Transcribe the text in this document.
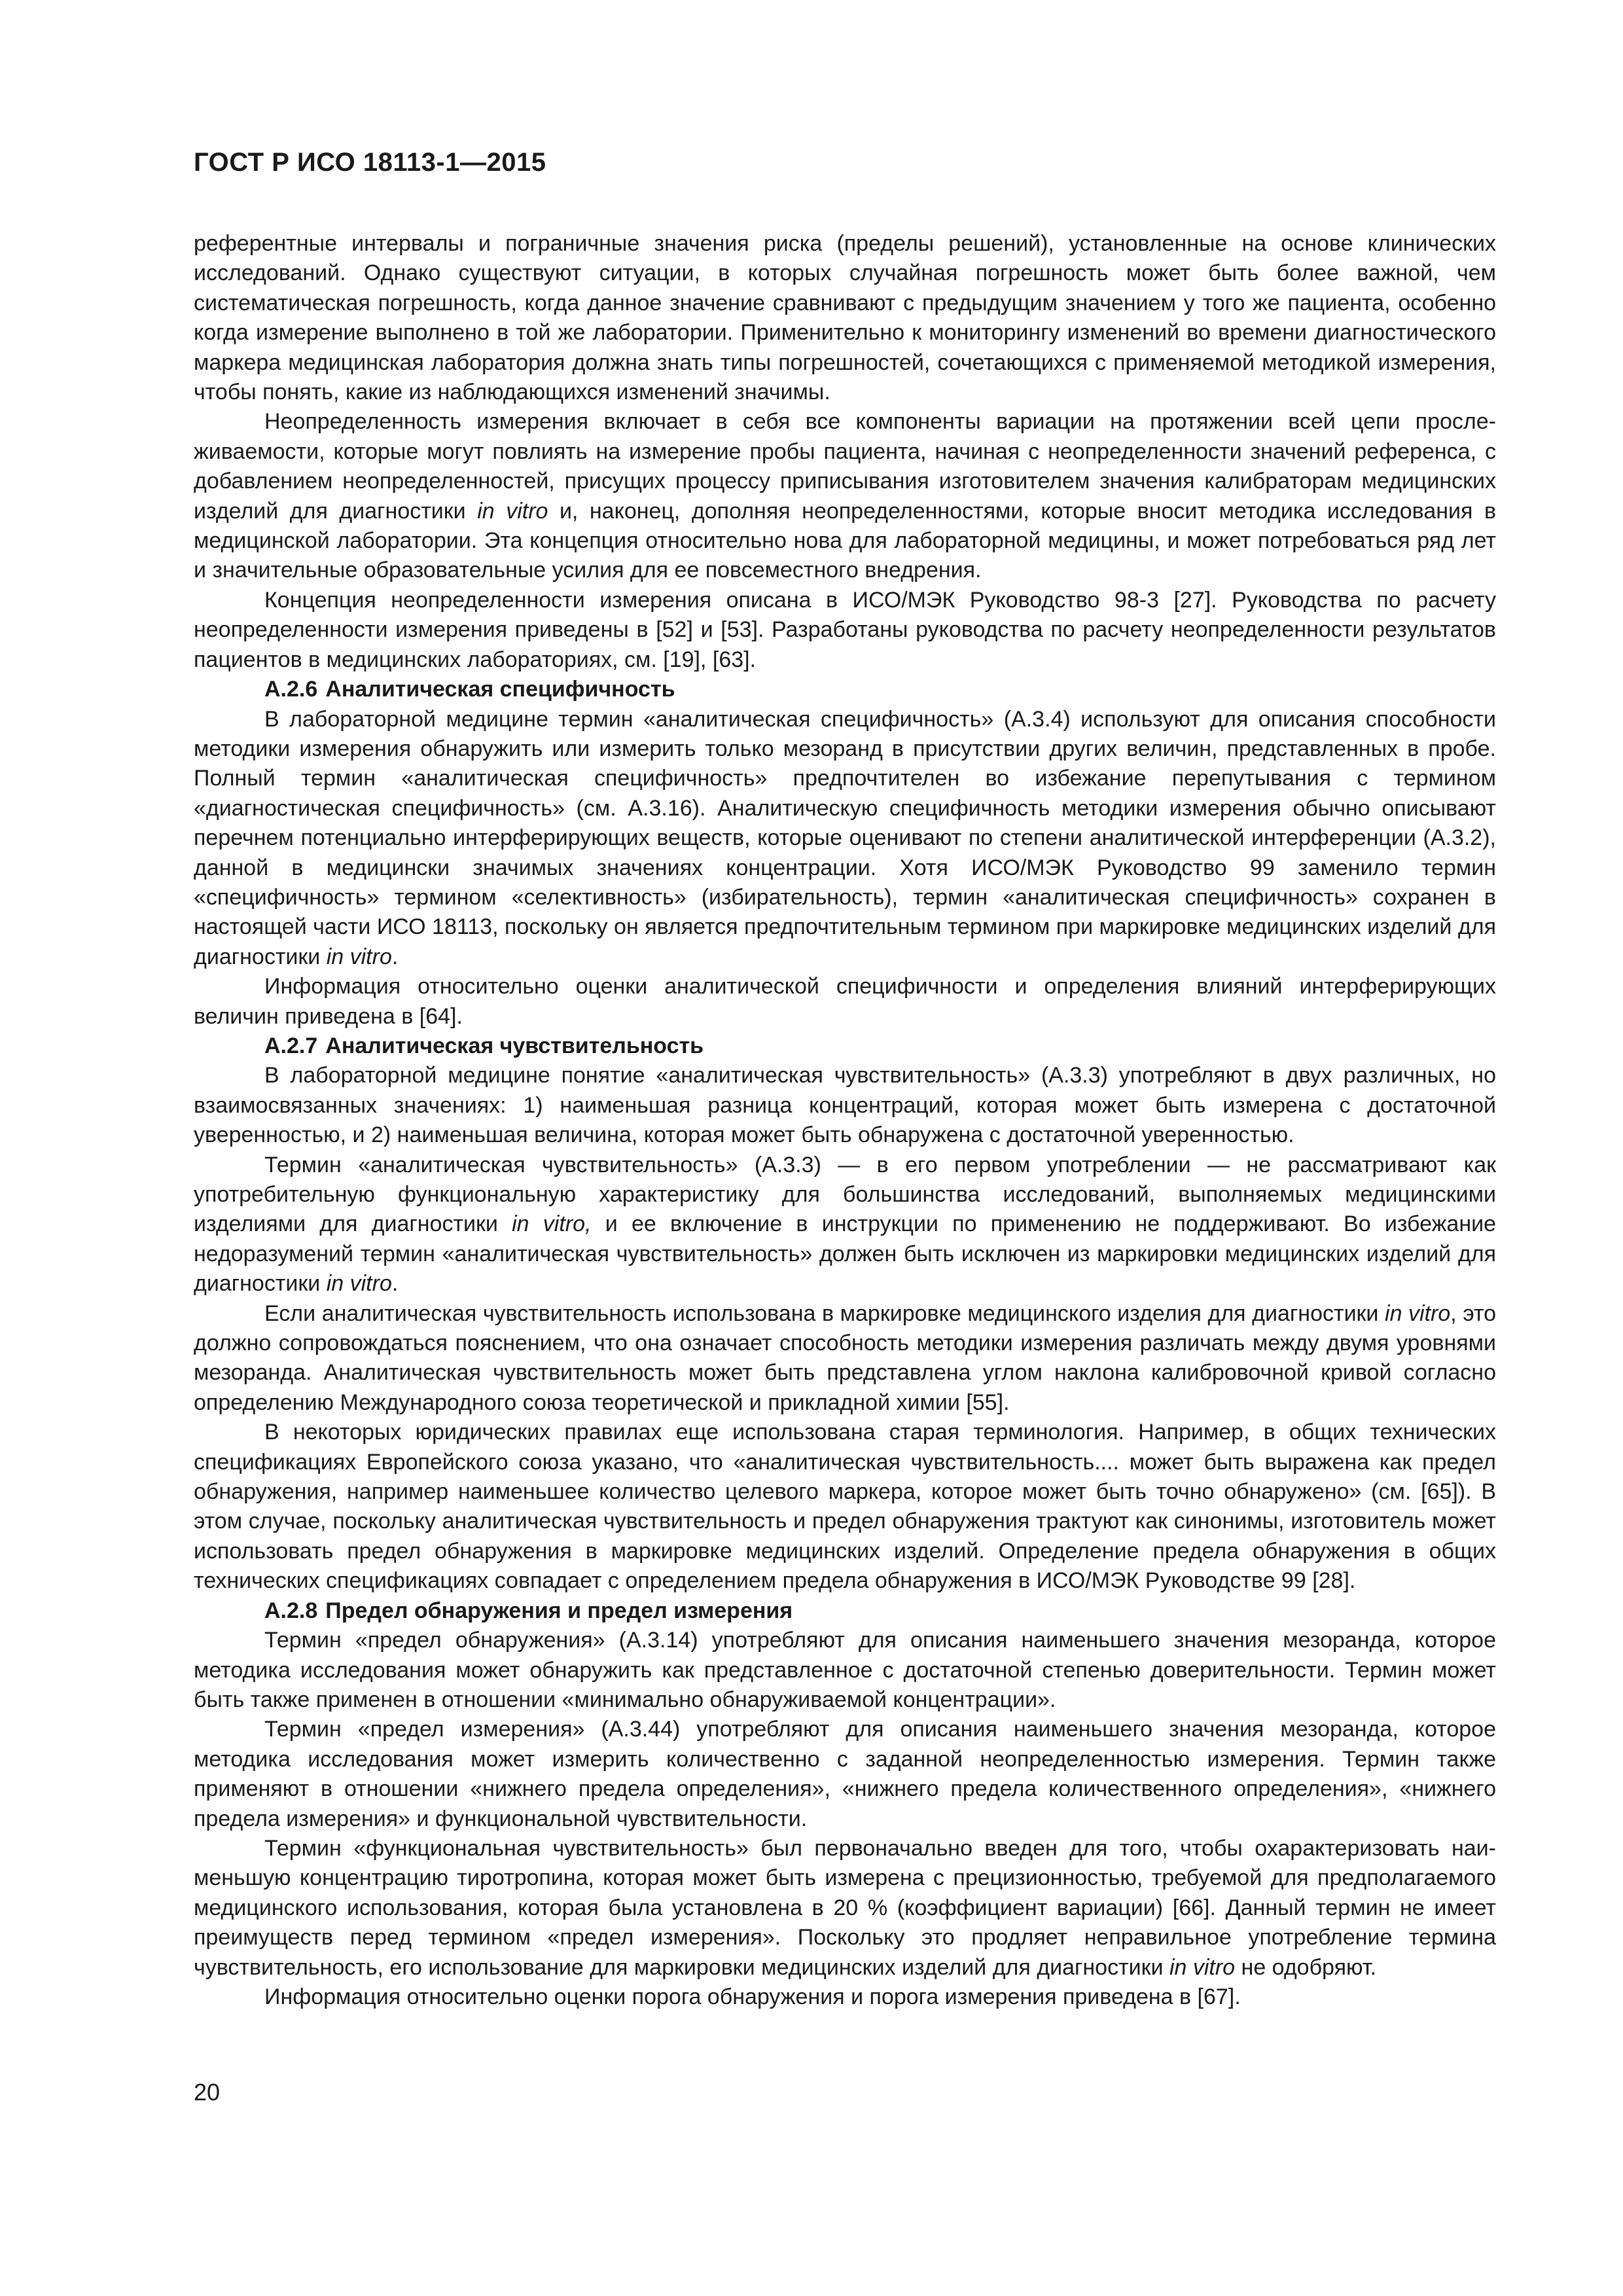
ГОСТ Р ИСО 18113-1—2015

референтные интервалы и пограничные значения риска (пределы решений), установленные на основе клинических исследований. Однако существуют ситуации, в которых случайная погрешность может быть более важной, чем систематическая погрешность, когда данное значение сравнивают с предыдущим значением у того же пациента, особенно когда измерение выполнено в той же лаборатории. Применительно к мониторингу изменений во времени диагностического маркера медицинская лаборатория должна знать типы погрешностей, сочетающихся с применяемой методикой измерения, чтобы понять, какие из наблюдающихся изменений значимы.

Неопределенность измерения включает в себя все компоненты вариации на протяжении всей цепи прослеживаемости, которые могут повлиять на измерение пробы пациента, начиная с неопределенности значений референса, с добавлением неопределенностей, присущих процессу приписывания изготовителем значения калибраторам медицинских изделий для диагностики in vitro и, наконец, дополняя неопределенностями, которые вносит методика исследования в медицинской лаборатории. Эта концепция относительно нова для лабораторной медицины, и может потребоваться ряд лет и значительные образовательные усилия для ее повсеместного внедрения.

Концепция неопределенности измерения описана в ИСО/МЭК Руководство 98-3 [27]. Руководства по расчету неопределенности измерения приведены в [52] и [53]. Разработаны руководства по расчету неопределенности результатов пациентов в медицинских лабораториях, см. [19], [63].

А.2.6 Аналитическая специфичность

В лабораторной медицине термин «аналитическая специфичность» (А.3.4) используют для описания способности методики измерения обнаружить или измерить только мезоранд в присутствии других величин, представленных в пробе. Полный термин «аналитическая специфичность» предпочтителен во избежание перепутывания с термином «диагностическая специфичность» (см. А.3.16). Аналитическую специфичность методики измерения обычно описывают перечнем потенциально интерферирующих веществ, которые оценивают по степени аналитической интерференции (А.3.2), данной в медицински значимых значениях концентрации. Хотя ИСО/МЭК Руководство 99 заменило термин «специфичность» термином «селективность» (избирательность), термин «аналитическая специфичность» сохранен в настоящей части ИСО 18113, поскольку он является предпочтительным термином при маркировке медицинских изделий для диагностики in vitro.

Информация относительно оценки аналитической специфичности и определения влияний интерферирующих величин приведена в [64].

А.2.7 Аналитическая чувствительность

В лабораторной медицине понятие «аналитическая чувствительность» (А.3.3) употребляют в двух различных, но взаимосвязанных значениях: 1) наименьшая разница концентраций, которая может быть измерена с достаточной уверенностью, и 2) наименьшая величина, которая может быть обнаружена с достаточной уверенностью.

Термин «аналитическая чувствительность» (А.3.3) — в его первом употреблении — не рассматривают как употребительную функциональную характеристику для большинства исследований, выполняемых медицинскими изделиями для диагностики in vitro, и ее включение в инструкции по применению не поддерживают. Во избежание недоразумений термин «аналитическая чувствительность» должен быть исключен из маркировки медицинских изделий для диагностики in vitro.

Если аналитическая чувствительность использована в маркировке медицинского изделия для диагностики in vitro, это должно сопровождаться пояснением, что она означает способность методики измерения различать между двумя уровнями мезоранда. Аналитическая чувствительность может быть представлена углом наклона калибровочной кривой согласно определению Международного союза теоретической и прикладной химии [55].

В некоторых юридических правилах еще использована старая терминология. Например, в общих технических спецификациях Европейского союза указано, что «аналитическая чувствительность.... может быть выражена как предел обнаружения, например наименьшее количество целевого маркера, которое может быть точно обнаружено» (см. [65]). В этом случае, поскольку аналитическая чувствительность и предел обнаружения трактуют как синонимы, изготовитель может использовать предел обнаружения в маркировке медицинских изделий. Определение предела обнаружения в общих технических спецификациях совпадает с определением предела обнаружения в ИСО/МЭК Руководстве 99 [28].

А.2.8 Предел обнаружения и предел измерения

Термин «предел обнаружения» (А.3.14) употребляют для описания наименьшего значения мезоранда, которое методика исследования может обнаружить как представленное с достаточной степенью доверительности. Термин может быть также применен в отношении «минимально обнаруживаемой концентрации».

Термин «предел измерения» (А.3.44) употребляют для описания наименьшего значения мезоранда, которое методика исследования может измерить количественно с заданной неопределенностью измерения. Термин также применяют в отношении «нижнего предела определения», «нижнего предела количественного определения», «нижнего предела измерения» и функциональной чувствительности.

Термин «функциональная чувствительность» был первоначально введен для того, чтобы охарактеризовать наименьшую концентрацию тиротропина, которая может быть измерена с прецизионностью, требуемой для предполагаемого медицинского использования, которая была установлена в 20 % (коэффициент вариации) [66]. Данный термин не имеет преимуществ перед термином «предел измерения». Поскольку это продляет неправильное употребление термина чувствительность, его использование для маркировки медицинских изделий для диагностики in vitro не одобряют.

Информация относительно оценки порога обнаружения и порога измерения приведена в [67].

20
